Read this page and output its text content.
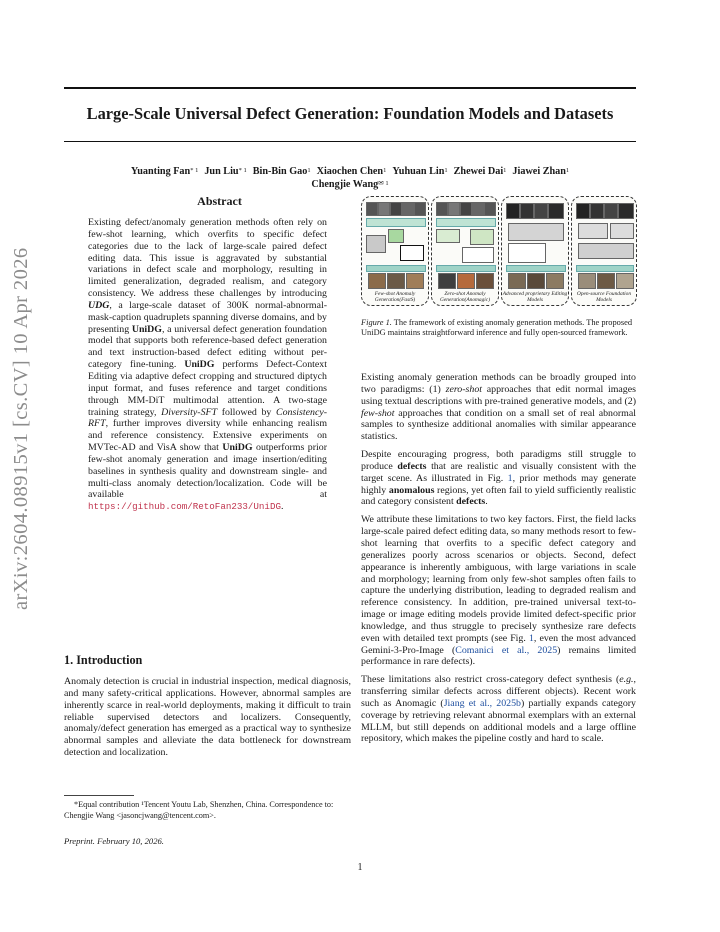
Large-Scale Universal Defect Generation: Foundation Models and Datasets
arXiv:2604.08915v1 [cs.CV] 10 Apr 2026
Yuanting Fan$^{* 1}$ Jun Liu$^{* 1}$ Bin-Bin Gao$^1$ Xiaochen Chen$^1$ Yuhuan Lin$^1$ Zhewei Dai$^1$ Jiawei Zhan$^1$
Chengjie Wang$^{✉ 1}$
Abstract
Existing defect/anomaly generation methods often rely on few-shot learning, which overfits to specific defect categories due to the lack of large-scale paired defect editing data. This issue is aggravated by substantial variations in defect scale and morphology, resulting in limited generalization, degraded realism, and category consistency. We address these challenges by introducing UDG, a large-scale dataset of 300K normal-abnormal-mask-caption quadruplets spanning diverse domains, and by presenting UniDG, a universal defect generation foundation model that supports both reference-based defect generation and text instruction-based defect editing without per-category fine-tuning. UniDG performs Defect-Context Editing via adaptive defect cropping and structured diptych input format, and fuses reference and target conditions through MM-DiT multimodal attention. A two-stage training strategy, Diversity-SFT followed by Consistency-RFT, further improves diversity while enhancing realism and reference consistency. Extensive experiments on MVTec-AD and VisA show that UniDG outperforms prior few-shot anomaly generation and image insertion/editing baselines in synthesis quality and downstream single- and multi-class anomaly detection/localization. Code will be available at https://github.com/RetoFan233/UniDG.
1. Introduction
Anomaly detection is crucial in industrial inspection, medical diagnosis, and many safety-critical applications. However, abnormal samples are inherently scarce in real-world deployments, making it difficult to train reliable supervised detectors and localizers. Consequently, anomaly/defect generation has emerged as a practical way to synthesize abnormal samples and alleviate the data bottleneck for downstream detection and localization.
*Equal contribution ¹Tencent Youtu Lab, Shenzhen, China. Correspondence to: Chengjie Wang <jasoncjwang@tencent.com>.
Preprint. February 10, 2026.
Few-shot Anomaly Generation(FastS)
Zero-shot Anomaly Generation(Anomagic)
Advanced proprietary Editing Models
Open-source Foundation Models
Figure 1. The framework of existing anomaly generation methods. The proposed UniDG maintains straightforward inference and fully open-sourced framework.

Existing anomaly generation methods can be broadly grouped into two paradigms: (1) zero-shot approaches that edit normal images using textual descriptions with pre-trained generative models, and (2) few-shot approaches that condition on a small set of real abnormal samples to synthesize additional anomalies with similar appearance statistics.

Despite encouraging progress, both paradigms still struggle to produce defects that are realistic and visually consistent with the target scene. As illustrated in Fig. 1, prior methods may generate highly anomalous regions, yet often fail to yield sufficiently realistic and category consistent defects.

We attribute these limitations to two key factors. First, the field lacks large-scale paired defect editing data, so many methods resort to few-shot learning that overfits to a specific defect category and generalizes poorly across scenarios or objects. Second, defect appearance is inherently ambiguous, with large variations in scale and morphology; learning from only few-shot samples often fails to capture the underlying distribution, leading to degraded realism and reference consistency. In addition, pre-trained universal text-to-image or image editing models provide limited defect-specific prior knowledge, and thus struggle to precisely synthesize rare defects even with detailed text prompts (see Fig. 1, even the most advanced Gemini-3-Pro-Image (Comanici et al., 2025) remains limited performance in rare defects).

These limitations also restrict cross-category defect synthesis (e.g., transferring similar defects across different objects). Recent work such as Anomagic (Jiang et al., 2025b) partially expands category coverage by retrieving relevant abnormal exemplars with an external MLLM, but still depends on additional models and a large offline repository, which makes the pipeline costly and hard to scale.

1
